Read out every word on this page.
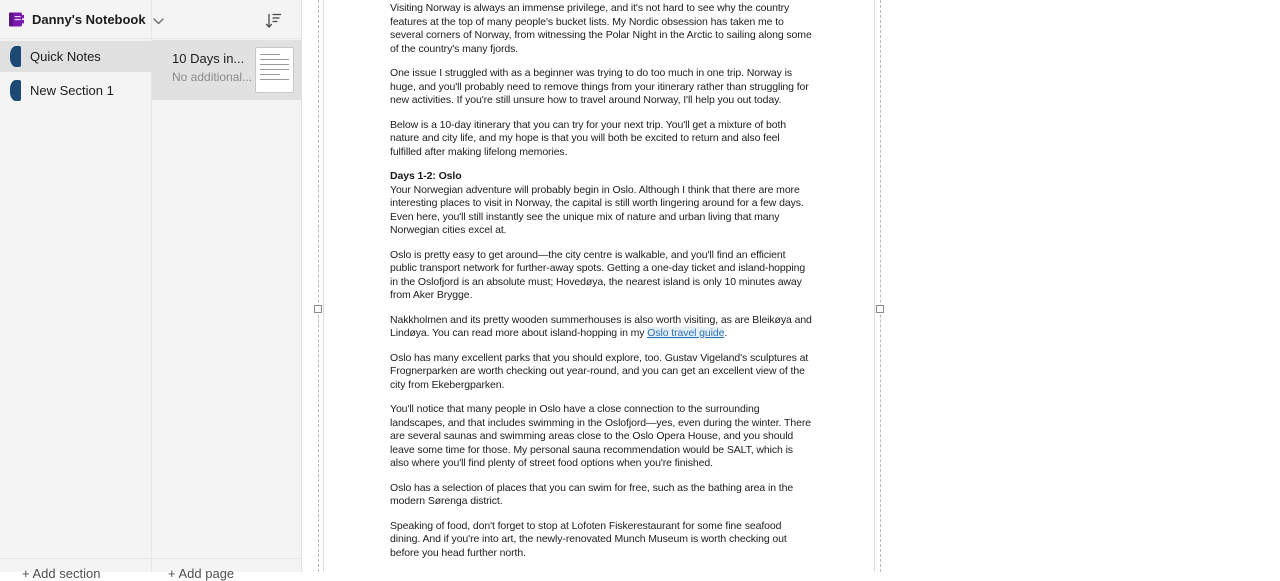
Danny's Notebook
Quick Notes
New Section 1
+ Add section
10 Days in...
No additional...
+ Add page

Visiting Norway is always an immense privilege, and it's not hard to see why the country features at the top of many people's bucket lists. My Nordic obsession has taken me to several corners of Norway, from witnessing the Polar Night in the Arctic to sailing along some of the country's many fjords.

One issue I struggled with as a beginner was trying to do too much in one trip. Norway is huge, and you'll probably need to remove things from your itinerary rather than struggling for new activities. If you're still unsure how to travel around Norway, I'll help you out today.

Below is a 10-day itinerary that you can try for your next trip. You'll get a mixture of both nature and city life, and my hope is that you will both be excited to return and also feel fulfilled after making lifelong memories.

Days 1-2: Oslo

Your Norwegian adventure will probably begin in Oslo. Although I think that there are more interesting places to visit in Norway, the capital is still worth lingering around for a few days. Even here, you'll still instantly see the unique mix of nature and urban living that many Norwegian cities excel at.

Oslo is pretty easy to get around—the city centre is walkable, and you'll find an efficient public transport network for further-away spots. Getting a one-day ticket and island-hopping in the Oslofjord is an absolute must; Hovedøya, the nearest island is only 10 minutes away from Aker Brygge.

Nakkholmen and its pretty wooden summerhouses is also worth visiting, as are Bleikøya and Lindøya. You can read more about island-hopping in my Oslo travel guide.

Oslo has many excellent parks that you should explore, too. Gustav Vigeland's sculptures at Frognerparken are worth checking out year-round, and you can get an excellent view of the city from Ekebergparken.

You'll notice that many people in Oslo have a close connection to the surrounding landscapes, and that includes swimming in the Oslofjord—yes, even during the winter. There are several saunas and swimming areas close to the Oslo Opera House, and you should leave some time for those. My personal sauna recommendation would be SALT, which is also where you'll find plenty of street food options when you're finished.

Oslo has a selection of places that you can swim for free, such as the bathing area in the modern Sørenga district.

Speaking of food, don't forget to stop at Lofoten Fiskerestaurant for some fine seafood dining. And if you're into art, the newly-renovated Munch Museum is worth checking out before you head further north.
